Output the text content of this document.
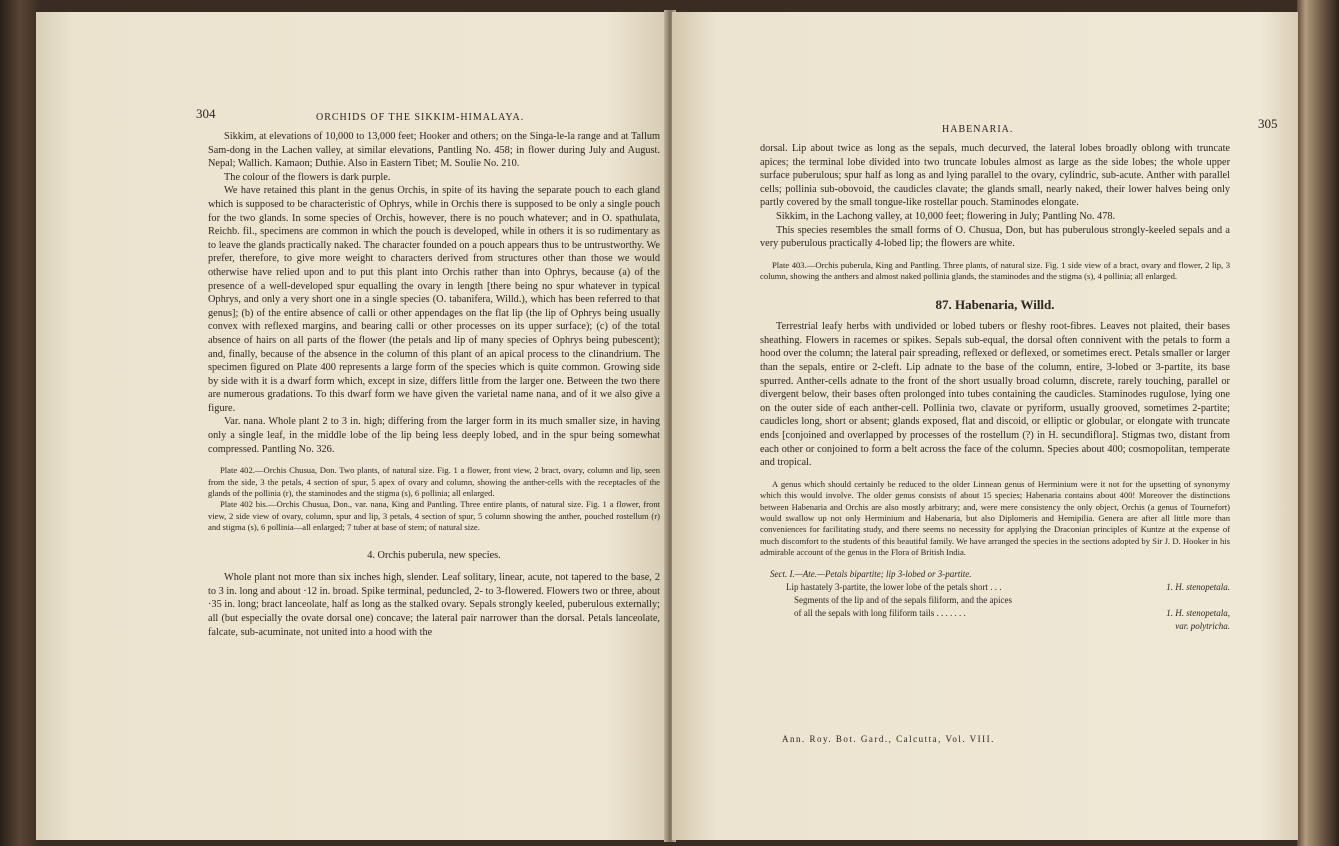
304	ORCHIDS OF THE SIKKIM-HIMALAYA.

Sikkim, at elevations of 10,000 to 13,000 feet; Hooker and others; on the Singa-le-la range and at Tallum Sam-dong in the Lachen valley, at similar elevations, Pantling No. 458; in flower during July and August. Nepal; Wallich. Kamaon; Duthie. Also in Eastern Tibet; M. Soulie No. 210.

The colour of the flowers is dark purple.

We have retained this plant in the genus Orchis, in spite of its having the separate pouch to each gland which is supposed to be characteristic of Ophrys, while in Orchis there is supposed to be only a single pouch for the two glands. In some species of Orchis, however, there is no pouch whatever; and in O. spathulata, Reichb. fil., specimens are common in which the pouch is developed, while in others it is so rudimentary as to leave the glands practically naked. The character founded on a pouch appears thus to be untrustworthy. We prefer, therefore, to give more weight to characters derived from structures other than those we would otherwise have relied upon and to put this plant into Orchis rather than into Ophrys, because (a) of the presence of a well-developed spur equalling the ovary in length [there being no spur whatever in typical Ophrys, and only a very short one in a single species (O. tabanifera, Willd.), which has been referred to that genus]; (b) of the entire absence of calli or other appendages on the flat lip (the lip of Ophrys being usually convex with reflexed margins, and bearing calli or other processes on its upper surface); (c) of the total absence of hairs on all parts of the flower (the petals and lip of many species of Ophrys being pubescent); and, finally, because of the absence in the column of this plant of an apical process to the clinandrium. The specimen figured on Plate 400 represents a large form of the species which is quite common. Growing side by side with it is a dwarf form which, except in size, differs little from the larger one. Between the two there are numerous gradations. To this dwarf form we have given the varietal name nana, and of it we also give a figure.

Var. nana. Whole plant 2 to 3 in. high; differing from the larger form in its much smaller size, in having only a single leaf, in the middle lobe of the lip being less deeply lobed, and in the spur being somewhat compressed. Pantling No. 326.

Plate 402.—Orchis Chusua, Don. Two plants, of natural size. Fig. 1 a flower, front view, 2 bract, ovary, column and lip, seen from the side, 3 the petals, 4 section of spur, 5 apex of ovary and column, showing the anther-cells with the receptacles of the glands of the pollinia (r), the staminodes and the stigma (s), 6 pollinia; all enlarged.

Plate 402 bis.—Orchis Chusua, Don., var. nana, King and Pantling. Three entire plants, of natural size. Fig. 1 a flower, front view, 2 side view of ovary, column, spur and lip, 3 petals, 4 section of spur, 5 column showing the anther, pouched rostellum (r) and stigma (s), 6 pollinia—all enlarged; 7 tuber at base of stem; of natural size.

4. Orchis puberula, new species.

Whole plant not more than six inches high, slender. Leaf solitary, linear, acute, not tapered to the base, 2 to 3 in. long and about ·12 in. broad. Spike terminal, peduncled, 2- to 3-flowered. Flowers two or three, about ·35 in. long; bract lanceolate, half as long as the stalked ovary. Sepals strongly keeled, puberulous externally; all (but especially the ovate dorsal one) concave; the lateral pair narrower than the dorsal. Petals lanceolate, falcate, sub-acuminate, not united into a hood with the

HABENARIA.	305

dorsal. Lip about twice as long as the sepals, much decurved, the lateral lobes broadly oblong with truncate apices; the terminal lobe divided into two truncate lobules almost as large as the side lobes; the whole upper surface puberulous; spur half as long as and lying parallel to the ovary, cylindric, sub-acute. Anther with parallel cells; pollinia sub-obovoid, the caudicles clavate; the glands small, nearly naked, their lower halves being only partly covered by the small tongue-like rostellar pouch. Staminodes elongate.

Sikkim, in the Lachong valley, at 10,000 feet; flowering in July; Pantling No. 478.

This species resembles the small forms of O. Chusua, Don, but has puberulous strongly-keeled sepals and a very puberulous practically 4-lobed lip; the flowers are white.

Plate 403.—Orchis puberula, King and Pantling. Three plants, of natural size. Fig. 1 side view of a bract, ovary and flower, 2 lip, 3 column, showing the anthers and almost naked pollinia glands, the staminodes and the stigma (s), 4 pollinia; all enlarged.

87. Habenaria, Willd.

Terrestrial leafy herbs with undivided or lobed tubers or fleshy root-fibres. Leaves not plaited, their bases sheathing. Flowers in racemes or spikes. Sepals sub-equal, the dorsal often connivent with the petals to form a hood over the column; the lateral pair spreading, reflexed or deflexed, or sometimes erect. Petals smaller or larger than the sepals, entire or 2-cleft. Lip adnate to the base of the column, entire, 3-lobed or 3-partite, its base spurred. Anther-cells adnate to the front of the short usually broad column, discrete, rarely touching, parallel or divergent below, their bases often prolonged into tubes containing the caudicles. Staminodes rugulose, lying one on the outer side of each anther-cell. Pollinia two, clavate or pyriform, usually grooved, sometimes 2-partite; caudicles long, short or absent; glands exposed, flat and discoid, or elliptic or globular, or elongate with truncate ends [conjoined and overlapped by processes of the rostellum (?) in H. secundiflora]. Stigmas two, distant from each other or conjoined to form a belt across the face of the column. Species about 400; cosmopolitan, temperate and tropical.

A genus which should certainly be reduced to the older Linnean genus of Herminium were it not for the upsetting of synonymy which this would involve. The older genus consists of about 15 species; Habenaria contains about 400! Moreover the distinctions between Habenaria and Orchis are also mostly arbitrary; and, were mere consistency the only object, Orchis (a genus of Tournefort) would swallow up not only Herminium and Habenaria, but also Diplomeris and Hemipilia. Genera are after all little more than conveniences for facilitating study, and there seems no necessity for applying the Draconian principles of Kuntze at the expense of much discomfort to the students of this beautiful family. We have arranged the species in the sections adopted by Sir J. D. Hooker in his admirable account of the genus in the Flora of British India.

Sect. I.—Ate.—Petals bipartite; lip 3-lobed or 3-partite.
Lip hastately 3-partite, the lower lobe of the petals short . . .	1. H. stenopetala.
Segments of the lip and of the sepals filiform, and the apices
of all the sepals with long filiform tails . . . . . . .	1. H. stenopetala,
var. polytricha.
Ann. Roy. Bot. Gard., Calcutta, Vol. VIII.
